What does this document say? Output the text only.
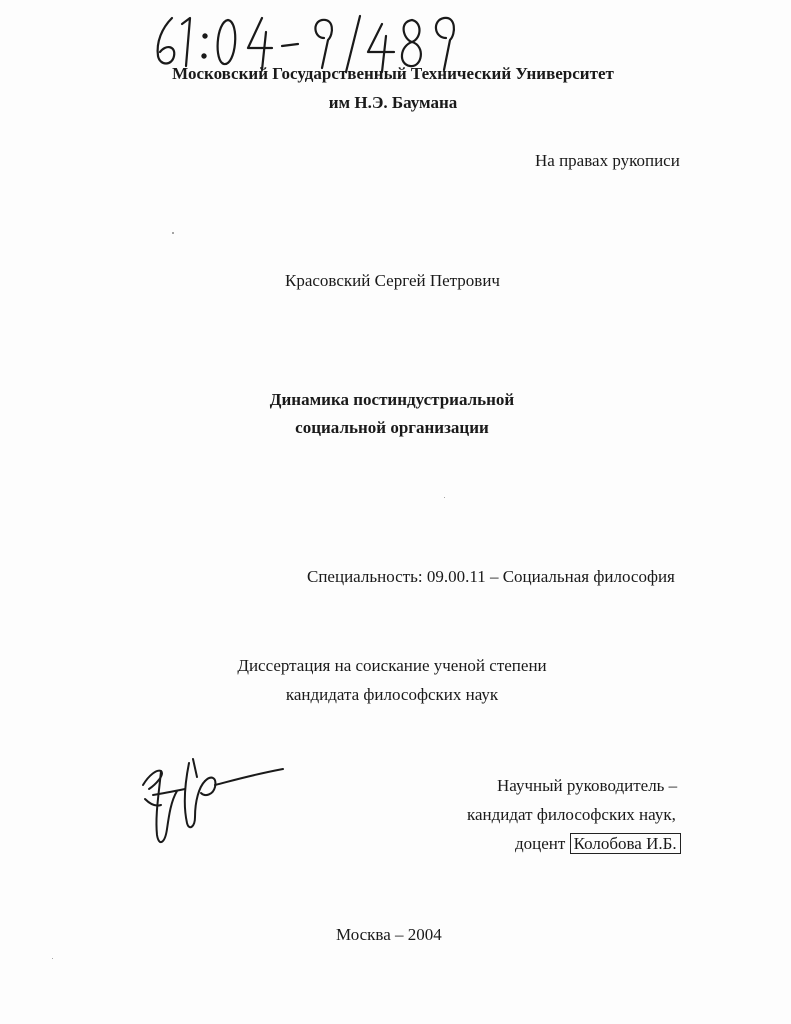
Московский Государственный Технический Университет
им Н.Э. Баумана
На правах рукописи
Красовский Сергей Петрович
Динамика постиндустриальной
социальной организации
Специальность: 09.00.11 – Социальная философия
Диссертация на соискание ученой степени
кандидата философских наук
Научный руководитель –
кандидат философских наук,
доцент Колобова И.Б.
Москва – 2004
